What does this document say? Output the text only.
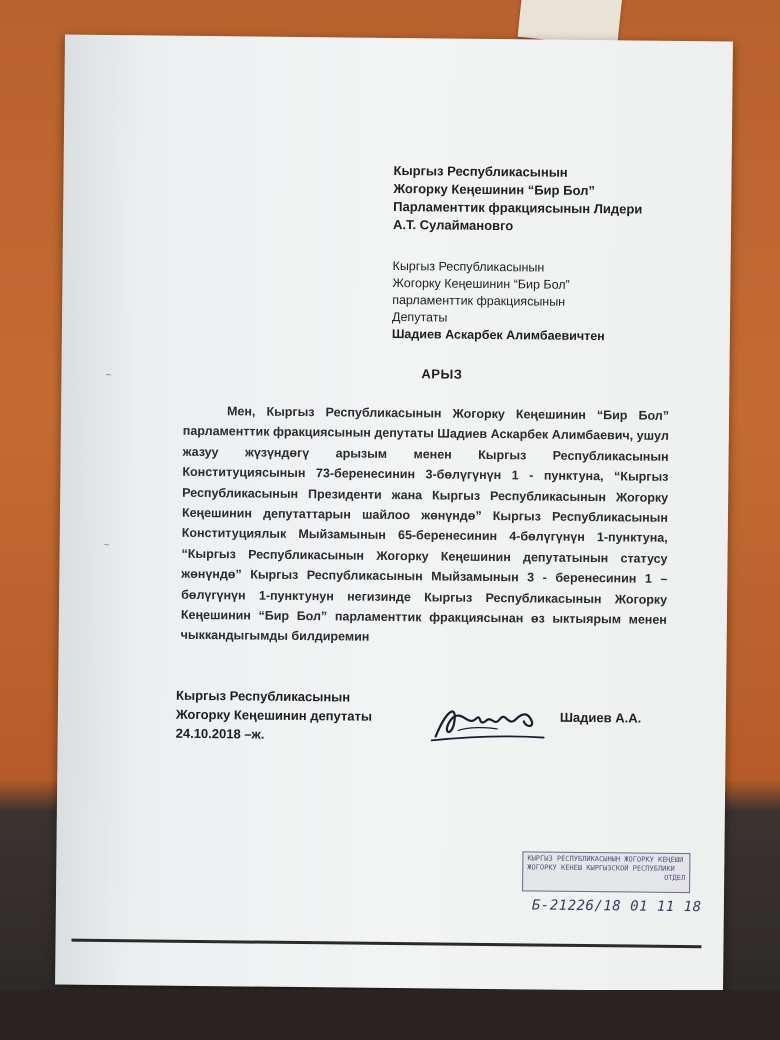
Кыргыз Республикасынын
Жогорку Кеңешинин “Бир Бол”
Парламенттик фракциясынын Лидери
А.Т. Сулаймановго
Кыргыз Республикасынын
Жогорку Кеңешинин “Бир Бол”
парламенттик фракциясынын
Депутаты
Шадиев Аскарбек Алимбаевичтен
~
~
АРЫЗ
Мен, Кыргыз Республикасынын Жогорку Кеңешинин “Бир Бол” парламенттик фракциясынын депутаты Шадиев Аскарбек Алимбаевич, ушул жазуу жүзүндөгү арызым менен Кыргыз Республикасынын Конституциясынын 73-беренесинин 3-бөлүгүнүн 1 - пунктуна, “Кыргыз Республикасынын Президенти жана Кыргыз Республикасынын Жогорку Кеңешинин депутаттарын шайлоо жөнүндө” Кыргыз Республикасынын Конституциялык Мыйзамынын 65-беренесинин 4-бөлүгүнүн 1-пунктуна, “Кыргыз Республикасынын Жогорку Кеңешинин депутатынын статусу жөнүндө” Кыргыз Республикасынын Мыйзамынын 3 - беренесинин 1 – бөлүгүнүн 1-пунктунун негизинде Кыргыз Республикасынын Жогорку Кеңешинин “Бир Бол” парламенттик фракциясынан өз ыктыярым менен чыккандыгымды билдиремин
Кыргыз Республикасынын
Жогорку Кеңешинин депутаты
24.10.2018 –ж.
Шадиев А.А.
КЫРГЫЗ РЕСПУБЛИКАСЫНЫН ЖОГОРКУ КЕҢЕШИ
ЖОГОРКУ КЕНЕШ КЫРГЫЗСКОЙ РЕСПУБЛИКИ
ОТДЕЛ
Б-21226/18 01 11 18
